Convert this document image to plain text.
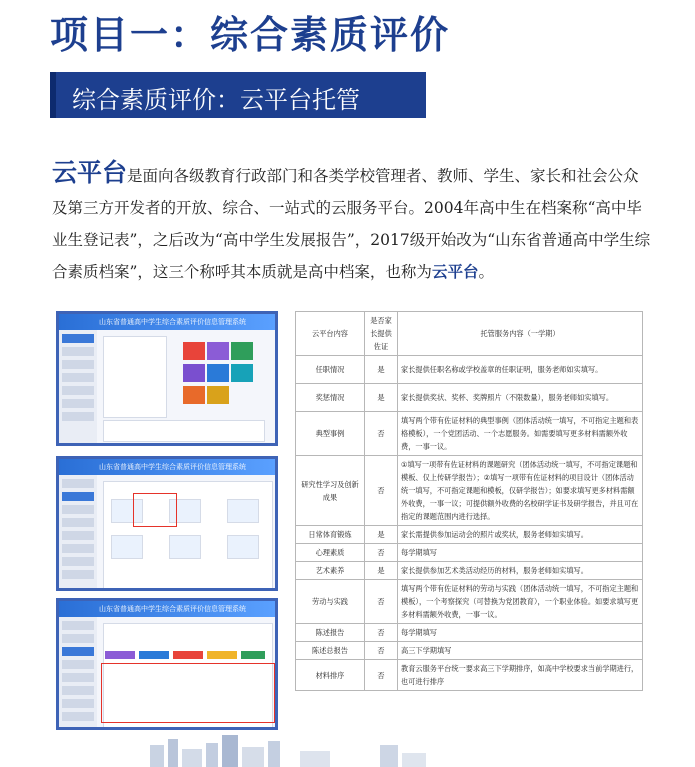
项目一：综合素质评价
综合素质评价：云平台托管
云平台是面向各级教育行政部门和各类学校管理者、教师、学生、家长和社会公众及第三方开发者的开放、综合、一站式的云服务平台。2004年高中生在档案称“高中毕业生登记表”，之后改为“高中学生发展报告”，2017级开始改为“山东省普通高中学生综合素质档案”，这三个称呼其本质就是高中档案，也称为云平台。
山东省普通高中学生综合素质评价信息管理系统
山东省普通高中学生综合素质评价信息管理系统
山东省普通高中学生综合素质评价信息管理系统
云平台内容	是否家长提供佐证	托管服务内容（一学期）
任职情况	是	家长提供任职名称或学校盖章的任职证明，服务老师如实填写。
奖惩情况	是	家长提供奖状、奖杯、奖牌照片（不限数量），服务老师如实填写。
典型事例	否	填写两个带有佐证材料的典型事例（团体活动统一填写，不可指定主题和表格模板），一个党团活动、一个志愿服务。如需要填写更多材料需额外收费，一事一议。
研究性学习及创新成果	否	①填写一项带有佐证材料的课题研究（团体活动统一填写，不可指定课题和模板、仅上传研学报告）；②填写一项带有佐证材料的项目设计（团体活动统一填写，不可指定课题和模板，仅研学报告）；如要求填写更多材料需额外收费，一事一议；可提供额外收费的名校研学证书及研学报告，并且可在指定的课题范围内进行选择。
日常体育锻炼	是	家长需提供参加运动会的照片或奖状，服务老师如实填写。
心理素质	否	每学期填写
艺术素养	是	家长提供参加艺术类活动经历的材料，服务老师如实填写。
劳动与实践	否	填写两个带有佐证材料的劳动与实践（团体活动统一填写，不可指定主题和模板），一个考察探究（可替换为党团教育），一个职业体验。如要求填写更多材料需额外收费，一事一议。
陈述报告	否	每学期填写
陈述总报告	否	高三下学期填写
材料排序	否	教育云服务平台统一要求高三下学期排序，如高中学校要求当前学期进行，也可进行排序
